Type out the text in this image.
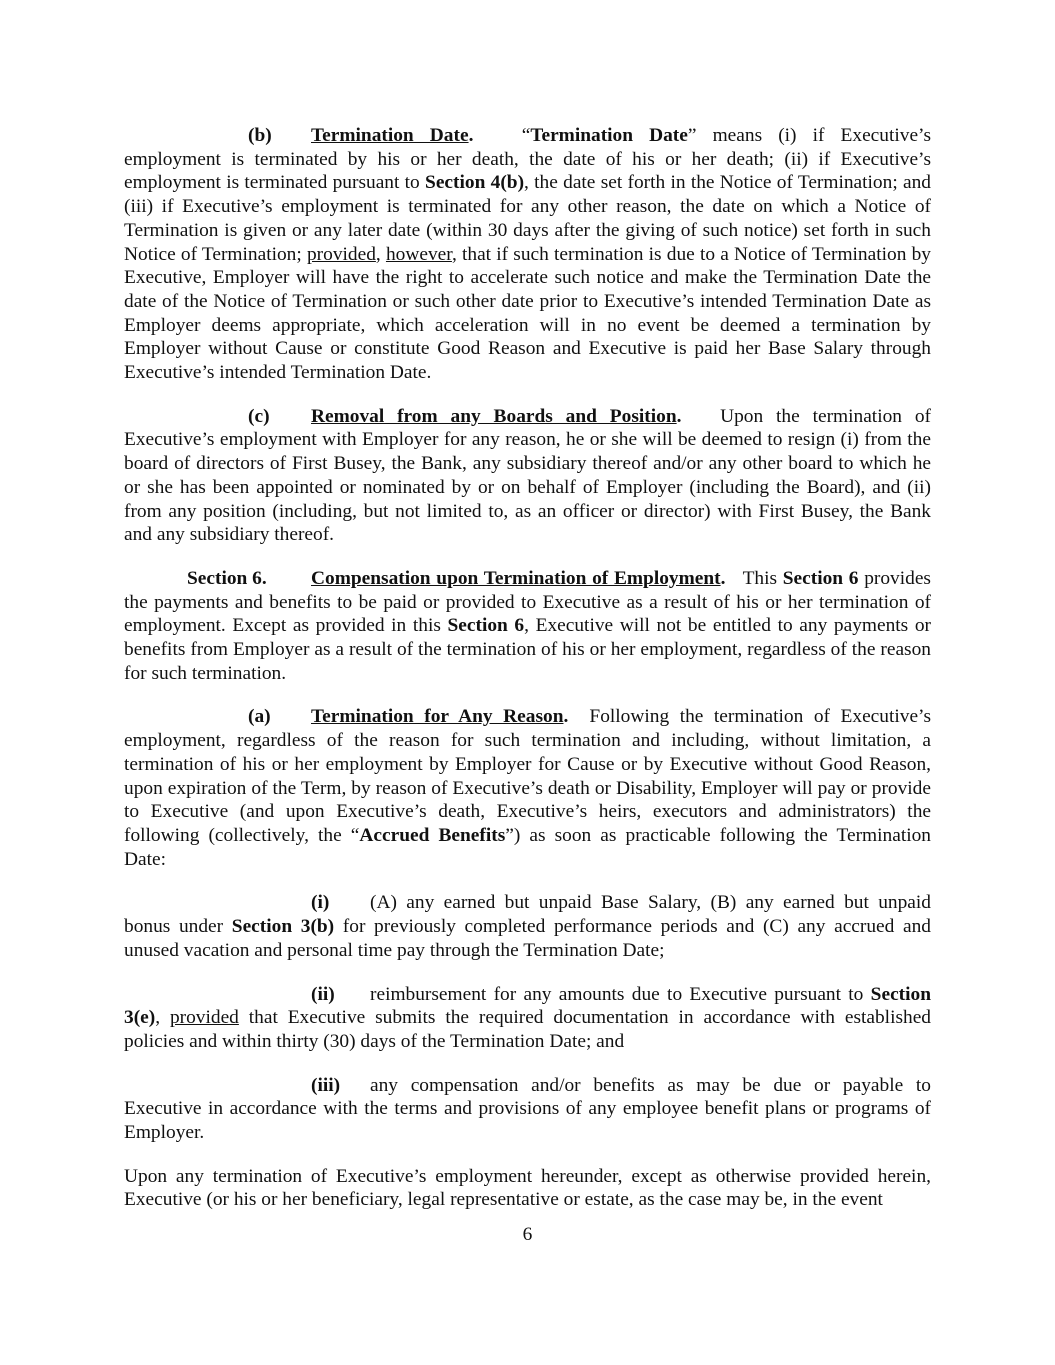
(b) Termination Date. “Termination Date” means (i) if Executive’s employment is terminated by his or her death, the date of his or her death; (ii) if Executive’s employment is terminated pursuant to Section 4(b), the date set forth in the Notice of Termination; and (iii) if Executive’s employment is terminated for any other reason, the date on which a Notice of Termination is given or any later date (within 30 days after the giving of such notice) set forth in such Notice of Termination; provided, however, that if such termination is due to a Notice of Termination by Executive, Employer will have the right to accelerate such notice and make the Termination Date the date of the Notice of Termination or such other date prior to Executive’s intended Termination Date as Employer deems appropriate, which acceleration will in no event be deemed a termination by Employer without Cause or constitute Good Reason and Executive is paid her Base Salary through Executive’s intended Termination Date.

(c) Removal from any Boards and Position. Upon the termination of Executive’s employment with Employer for any reason, he or she will be deemed to resign (i) from the board of directors of First Busey, the Bank, any subsidiary thereof and/or any other board to which he or she has been appointed or nominated by or on behalf of Employer (including the Board), and (ii) from any position (including, but not limited to, as an officer or director) with First Busey, the Bank and any subsidiary thereof.

Section 6. Compensation upon Termination of Employment. This Section 6 provides the payments and benefits to be paid or provided to Executive as a result of his or her termination of employment. Except as provided in this Section 6, Executive will not be entitled to any payments or benefits from Employer as a result of the termination of his or her employment, regardless of the reason for such termination.

(a) Termination for Any Reason. Following the termination of Executive’s employment, regardless of the reason for such termination and including, without limitation, a termination of his or her employment by Employer for Cause or by Executive without Good Reason, upon expiration of the Term, by reason of Executive’s death or Disability, Employer will pay or provide to Executive (and upon Executive’s death, Executive’s heirs, executors and administrators) the following (collectively, the “Accrued Benefits”) as soon as practicable following the Termination Date:

(i) (A) any earned but unpaid Base Salary, (B) any earned but unpaid bonus under Section 3(b) for previously completed performance periods and (C) any accrued and unused vacation and personal time pay through the Termination Date;

(ii) reimbursement for any amounts due to Executive pursuant to Section 3(e), provided that Executive submits the required documentation in accordance with established policies and within thirty (30) days of the Termination Date; and

(iii) any compensation and/or benefits as may be due or payable to Executive in accordance with the terms and provisions of any employee benefit plans or programs of Employer.

Upon any termination of Executive’s employment hereunder, except as otherwise provided herein, Executive (or his or her beneficiary, legal representative or estate, as the case may be, in the event

6
